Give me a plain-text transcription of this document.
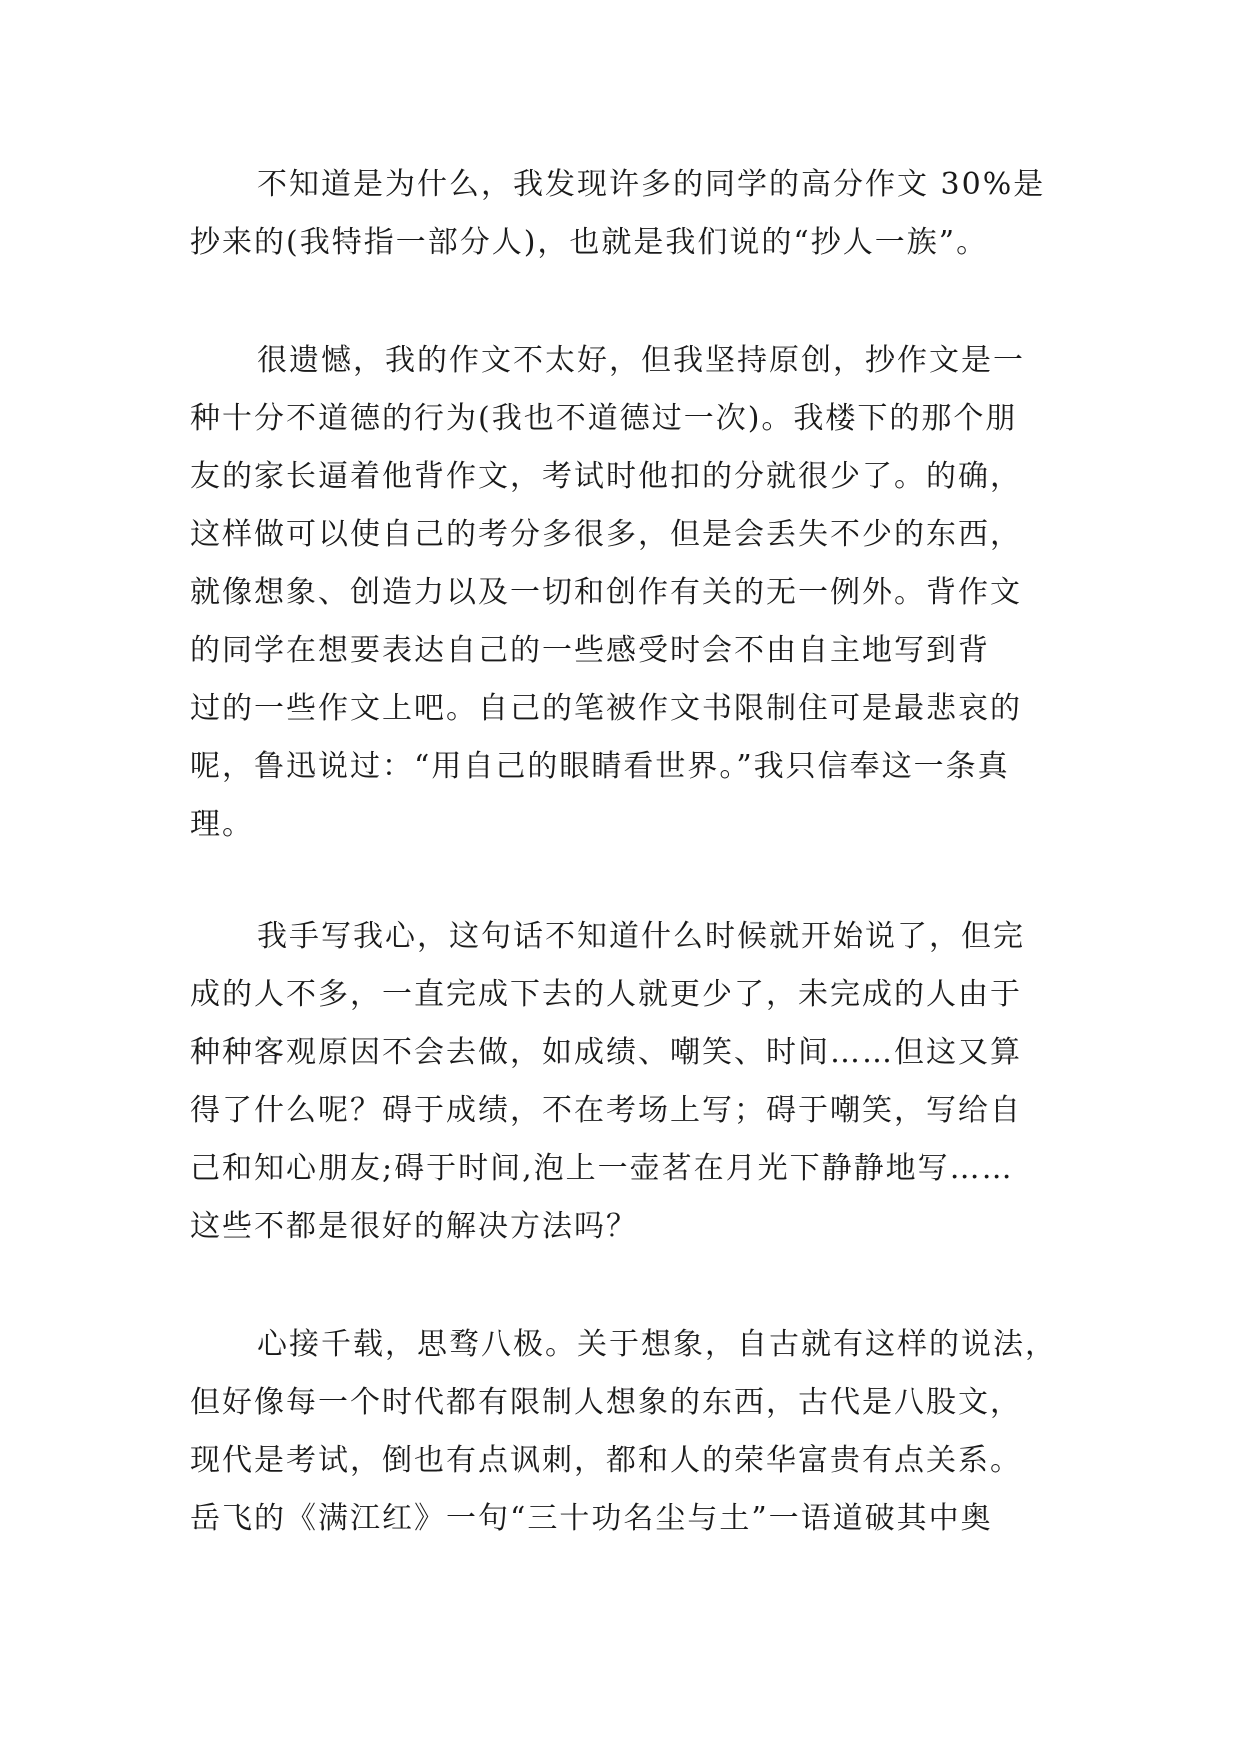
不知道是为什么，我发现许多的同学的高分作文 30%是
抄来的(我特指一部分人)，也就是我们说的“抄人一族”。
很遗憾，我的作文不太好，但我坚持原创，抄作文是一
种十分不道德的行为(我也不道德过一次)。我楼下的那个朋
友的家长逼着他背作文，考试时他扣的分就很少了。的确，
这样做可以使自己的考分多很多，但是会丢失不少的东西，
就像想象、创造力以及一切和创作有关的无一例外。背作文
的同学在想要表达自己的一些感受时会不由自主地写到背
过的一些作文上吧。自己的笔被作文书限制住可是最悲哀的
呢，鲁迅说过：“用自己的眼睛看世界。”我只信奉这一条真
理。
我手写我心，这句话不知道什么时候就开始说了，但完
成的人不多，一直完成下去的人就更少了，未完成的人由于
种种客观原因不会去做，如成绩、嘲笑、时间……但这又算
得了什么呢？碍于成绩，不在考场上写；碍于嘲笑，写给自
己和知心朋友;碍于时间,泡上一壶茗在月光下静静地写……
这些不都是很好的解决方法吗？
心接千载，思骛八极。关于想象，自古就有这样的说法，
但好像每一个时代都有限制人想象的东西，古代是八股文，
现代是考试，倒也有点讽刺，都和人的荣华富贵有点关系。
岳飞的《满江红》一句“三十功名尘与土”一语道破其中奥
